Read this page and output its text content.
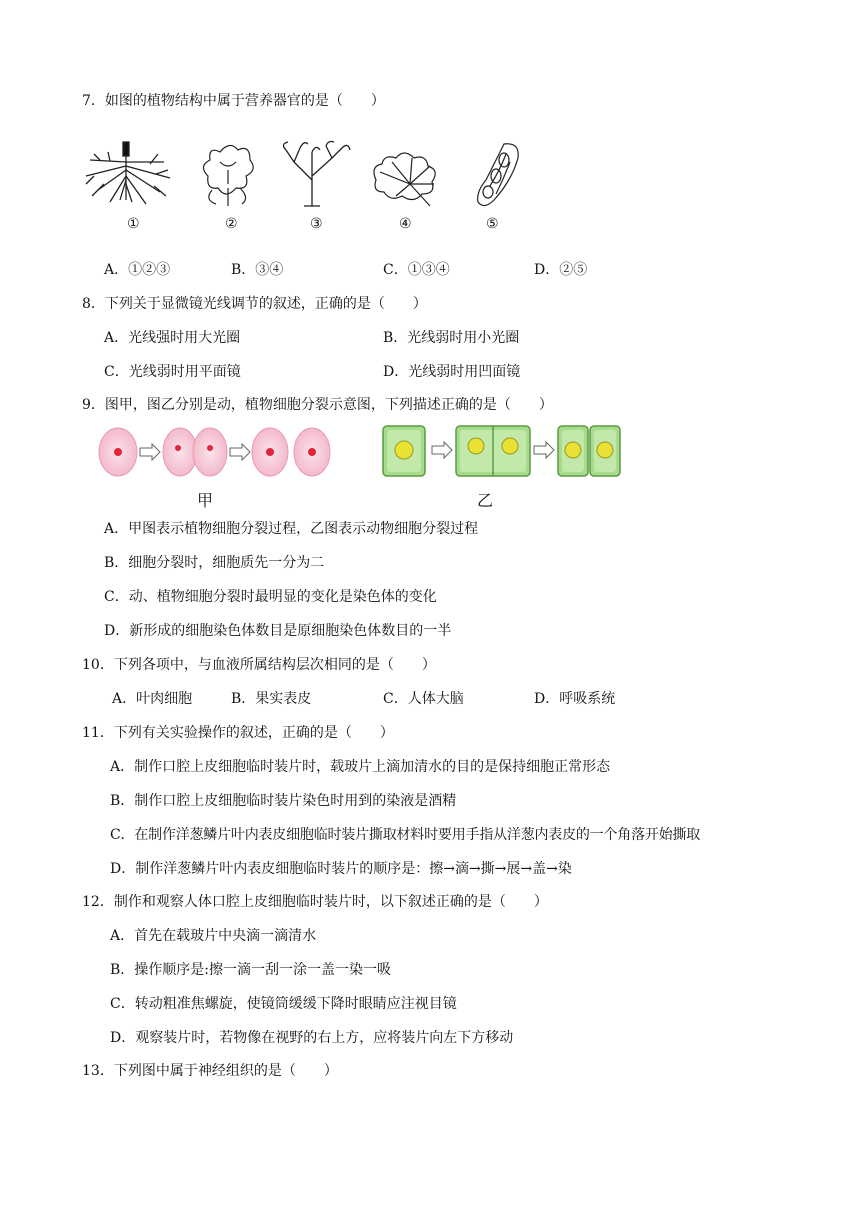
7．如图的植物结构中属于营养器官的是（　　）
①	②	③	④	⑤
A．①②③	B．③④	C．①③④	D．②⑤
8．下列关于显微镜光线调节的叙述，正确的是（　　）
A．光线强时用大光圈	B．光线弱时用小光圈
C．光线弱时用平面镜	D．光线弱时用凹面镜
9．图甲，图乙分别是动，植物细胞分裂示意图，下列描述正确的是（　　）
甲	乙
A．甲图表示植物细胞分裂过程，乙图表示动物细胞分裂过程
B．细胞分裂时，细胞质先一分为二
C．动、植物细胞分裂时最明显的变化是染色体的变化
D．新形成的细胞染色体数目是原细胞染色体数目的一半
10．下列各项中，与血液所属结构层次相同的是（　　）
A．叶肉细胞	B．果实表皮	C．人体大脑	D．呼吸系统
11．下列有关实验操作的叙述，正确的是（　　）
A．制作口腔上皮细胞临时装片时，载玻片上滴加清水的目的是保持细胞正常形态
B．制作口腔上皮细胞临时装片染色时用到的染液是酒精
C．在制作洋葱鳞片叶内表皮细胞临时装片撕取材料时要用手指从洋葱内表皮的一个角落开始撕取
D．制作洋葱鳞片叶内表皮细胞临时装片的顺序是：擦→滴→撕→展→盖→染
12．制作和观察人体口腔上皮细胞临时装片时，以下叙述正确的是（　　）
A．首先在载玻片中央滴一滴清水
B．操作顺序是:擦一滴一刮一涂一盖一染一吸
C．转动粗准焦螺旋，使镜筒缓缓下降时眼睛应注视目镜
D．观察装片时，若物像在视野的右上方，应将装片向左下方移动
13．下列图中属于神经组织的是（　　）
